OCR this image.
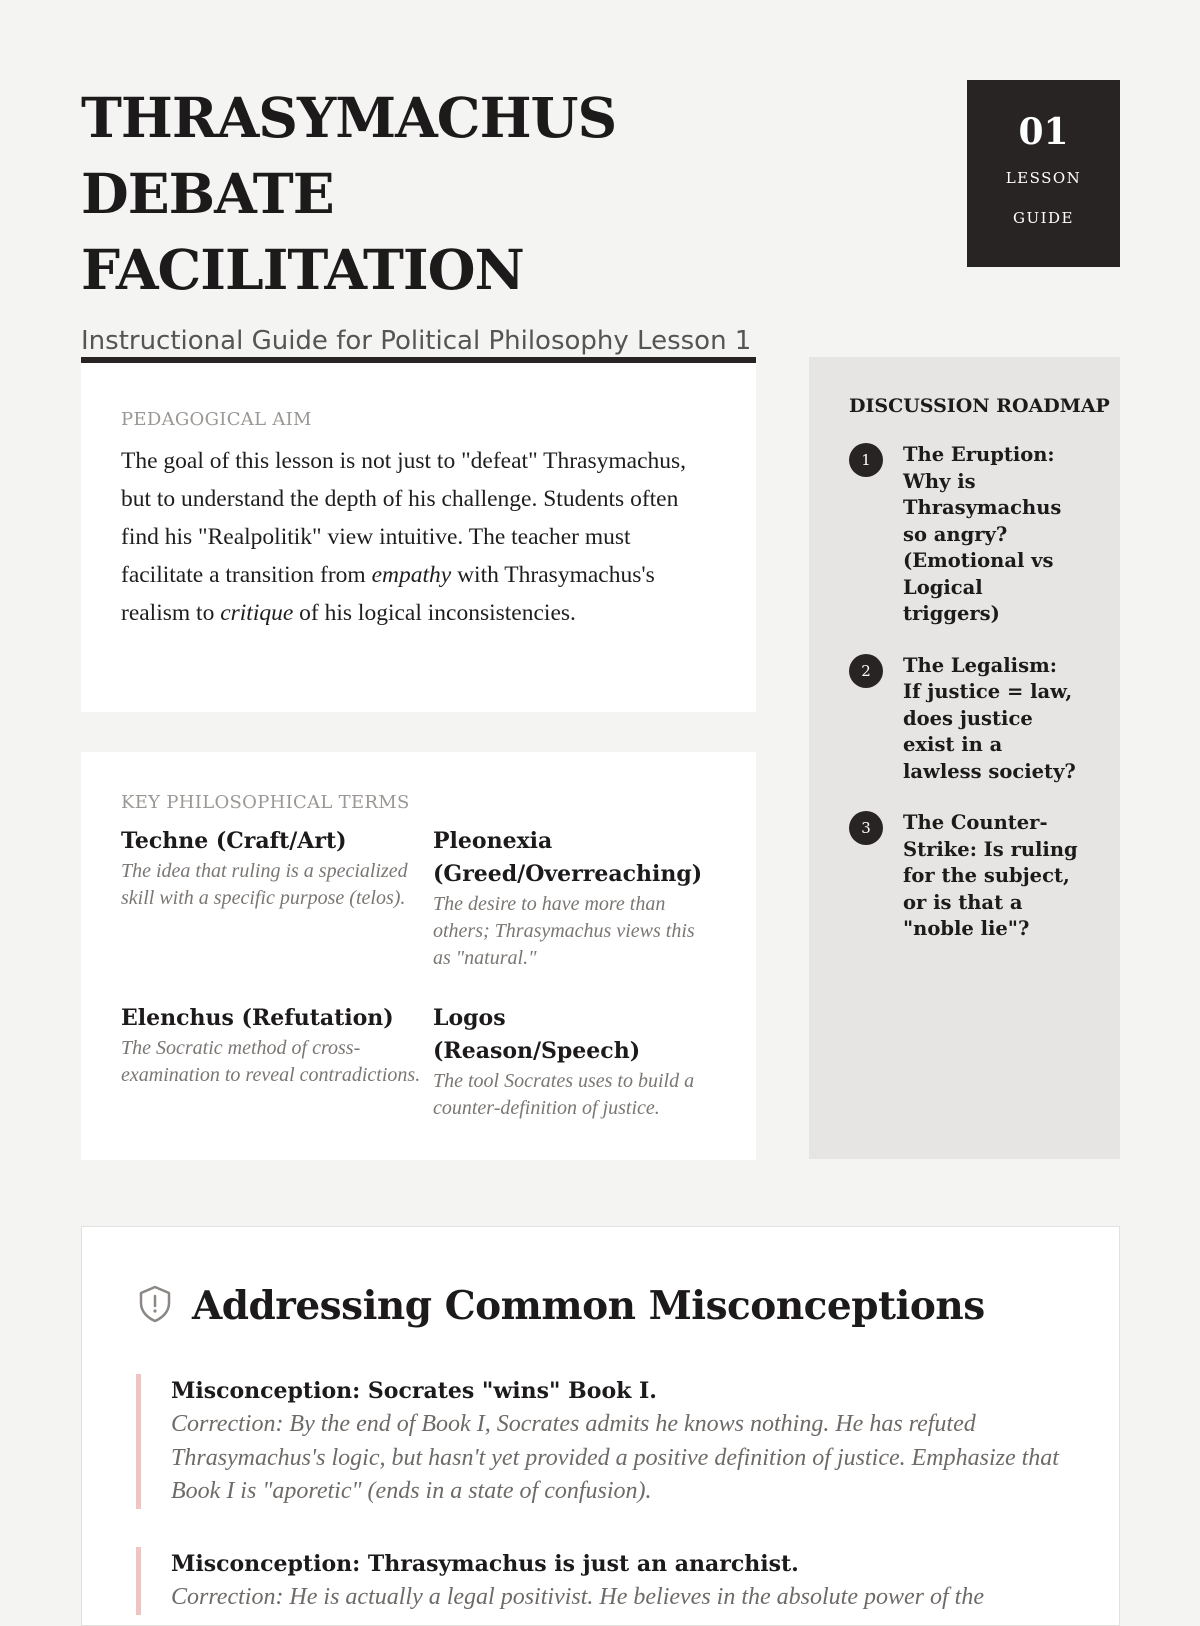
THRASYMACHUS DEBATE
FACILITATION
Instructional Guide for Political Philosophy Lesson 1
01
LESSON
GUIDE
PEDAGOGICAL AIM
The goal of this lesson is not just to "defeat" Thrasymachus, but to understand the depth of his challenge. Students often find his "Realpolitik" view intuitive. The teacher must facilitate a transition from empathy with Thrasymachus's realism to critique of his logical inconsistencies.
KEY PHILOSOPHICAL TERMS
Techne (Craft/Art)
The idea that ruling is a specialized skill with a specific purpose (telos).
Pleonexia (Greed/Overreaching)
The desire to have more than others; Thrasymachus views this as "natural."
Elenchus (Refutation)
The Socratic method of cross-examination to reveal contradictions.
Logos (Reason/Speech)
The tool Socrates uses to build a counter-definition of justice.
DISCUSSION ROADMAP
1	The Eruption: Why is Thrasymachus so angry? (Emotional vs Logical triggers)
2	The Legalism: If justice = law, does justice exist in a lawless society?
3	The Counter-Strike: Is ruling for the subject, or is that a "noble lie"?
Addressing Common Misconceptions
Misconception: Socrates "wins" Book I.
Correction: By the end of Book I, Socrates admits he knows nothing. He has refuted Thrasymachus's logic, but hasn't yet provided a positive definition of justice. Emphasize that Book I is "aporetic" (ends in a state of confusion).
Misconception: Thrasymachus is just an anarchist.
Correction: He is actually a legal positivist. He believes in the absolute power of the
